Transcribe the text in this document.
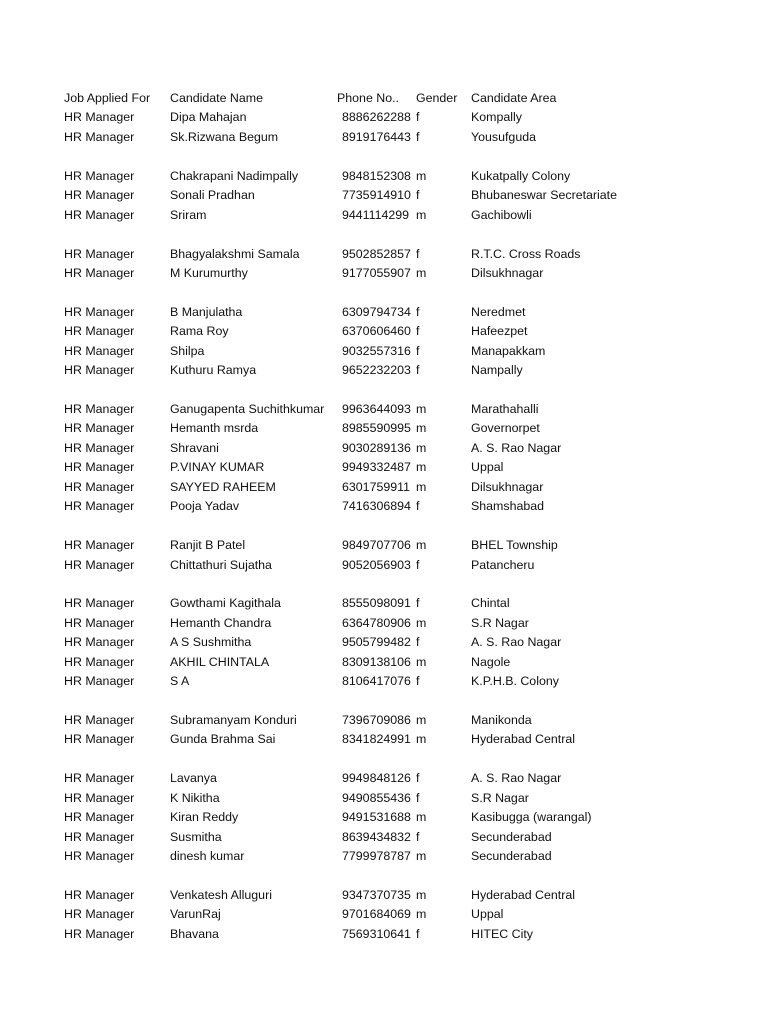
Job Applied For Candidate Name	Phone No.. Gender Candidate Area
HR Manager	Dipa Mahajan	8886262288 f	Kompally
HR Manager	Sk.Rizwana Begum	8919176443 f	Yousufguda
HR Manager	Chakrapani Nadimpally	9848152308 m	Kukatpally Colony
HR Manager	Sonali Pradhan	7735914910 f	Bhubaneswar Secretariate
HR Manager	Sriram	9441114299 m	Gachibowli
HR Manager	Bhagyalakshmi Samala	9502852857 f	R.T.C. Cross Roads
HR Manager	M Kurumurthy	9177055907 m	Dilsukhnagar
HR Manager	B Manjulatha	6309794734 f	Neredmet
HR Manager	Rama Roy	6370606460 f	Hafeezpet
HR Manager	Shilpa	9032557316 f	Manapakkam
HR Manager	Kuthuru Ramya	9652232203 f	Nampally
HR Manager	Ganugapenta Suchithkumar 9963644093 m	Marathahalli
HR Manager	Hemanth msrda	8985590995 m	Governorpet
HR Manager	Shravani	9030289136 m	A. S. Rao Nagar
HR Manager	P.VINAY KUMAR	9949332487 m	Uppal
HR Manager	SAYYED RAHEEM	6301759911 m	Dilsukhnagar
HR Manager	Pooja Yadav	7416306894 f	Shamshabad
HR Manager	Ranjit B Patel	9849707706 m	BHEL Township
HR Manager	Chittathuri Sujatha	9052056903 f	Patancheru
HR Manager	Gowthami Kagithala	8555098091 f	Chintal
HR Manager	Hemanth Chandra	6364780906 m	S.R Nagar
HR Manager	A S Sushmitha	9505799482 f	A. S. Rao Nagar
HR Manager	AKHIL CHINTALA	8309138106 m	Nagole
HR Manager	S A	8106417076 f	K.P.H.B. Colony
HR Manager	Subramanyam Konduri	7396709086 m	Manikonda
HR Manager	Gunda Brahma Sai	8341824991 m	Hyderabad Central
HR Manager	Lavanya	9949848126 f	A. S. Rao Nagar
HR Manager	K Nikitha	9490855436 f	S.R Nagar
HR Manager	Kiran Reddy	9491531688 m	Kasibugga (warangal)
HR Manager	Susmitha	8639434832 f	Secunderabad
HR Manager	dinesh kumar	7799978787 m	Secunderabad
HR Manager	Venkatesh Alluguri	9347370735 m	Hyderabad Central
HR Manager	VarunRaj	9701684069 m	Uppal
HR Manager	Bhavana	7569310641 f	HITEC City
